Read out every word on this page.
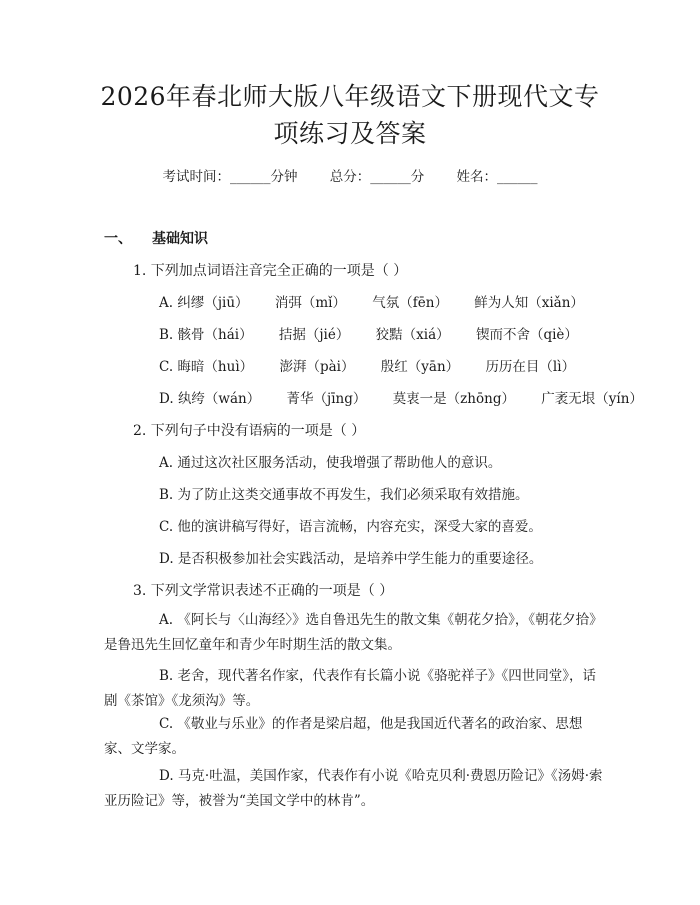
2026年春北师大版八年级语文下册现代文专
项练习及答案
考试时间：______分钟 总分：______分 姓名：______
一、 基础知识
1. 下列加点词语注音完全正确的一项是（ ）
A. 纠缪（jiū） 消弭（mǐ） 气氛（fēn） 鲜为人知（xiǎn）
B. 骸骨（hái） 拮据（jié） 狡黠（xiá） 锲而不舍（qiè）
C. 晦暗（huì） 澎湃（pài） 殷红（yān） 历历在目（lì）
D. 纨绔（wán） 菁华（jīng） 莫衷一是（zhōng） 广袤无垠（yín）
2. 下列句子中没有语病的一项是（ ）
A. 通过这次社区服务活动，使我增强了帮助他人的意识。
B. 为了防止这类交通事故不再发生，我们必须采取有效措施。
C. 他的演讲稿写得好，语言流畅，内容充实，深受大家的喜爱。
D. 是否积极参加社会实践活动，是培养中学生能力的重要途径。
3. 下列文学常识表述不正确的一项是（ ）
A. 《阿长与〈山海经〉》选自鲁迅先生的散文集《朝花夕拾》，《朝花夕拾》是鲁迅先生回忆童年和青少年时期生活的散文集。
B. 老舍，现代著名作家，代表作有长篇小说《骆驼祥子》《四世同堂》，话剧《茶馆》《龙须沟》等。
C. 《敬业与乐业》的作者是梁启超，他是我国近代著名的政治家、思想家、文学家。
D. 马克·吐温，美国作家，代表作有小说《哈克贝利·费恩历险记》《汤姆·索亚历险记》等，被誉为“美国文学中的林肯”。
